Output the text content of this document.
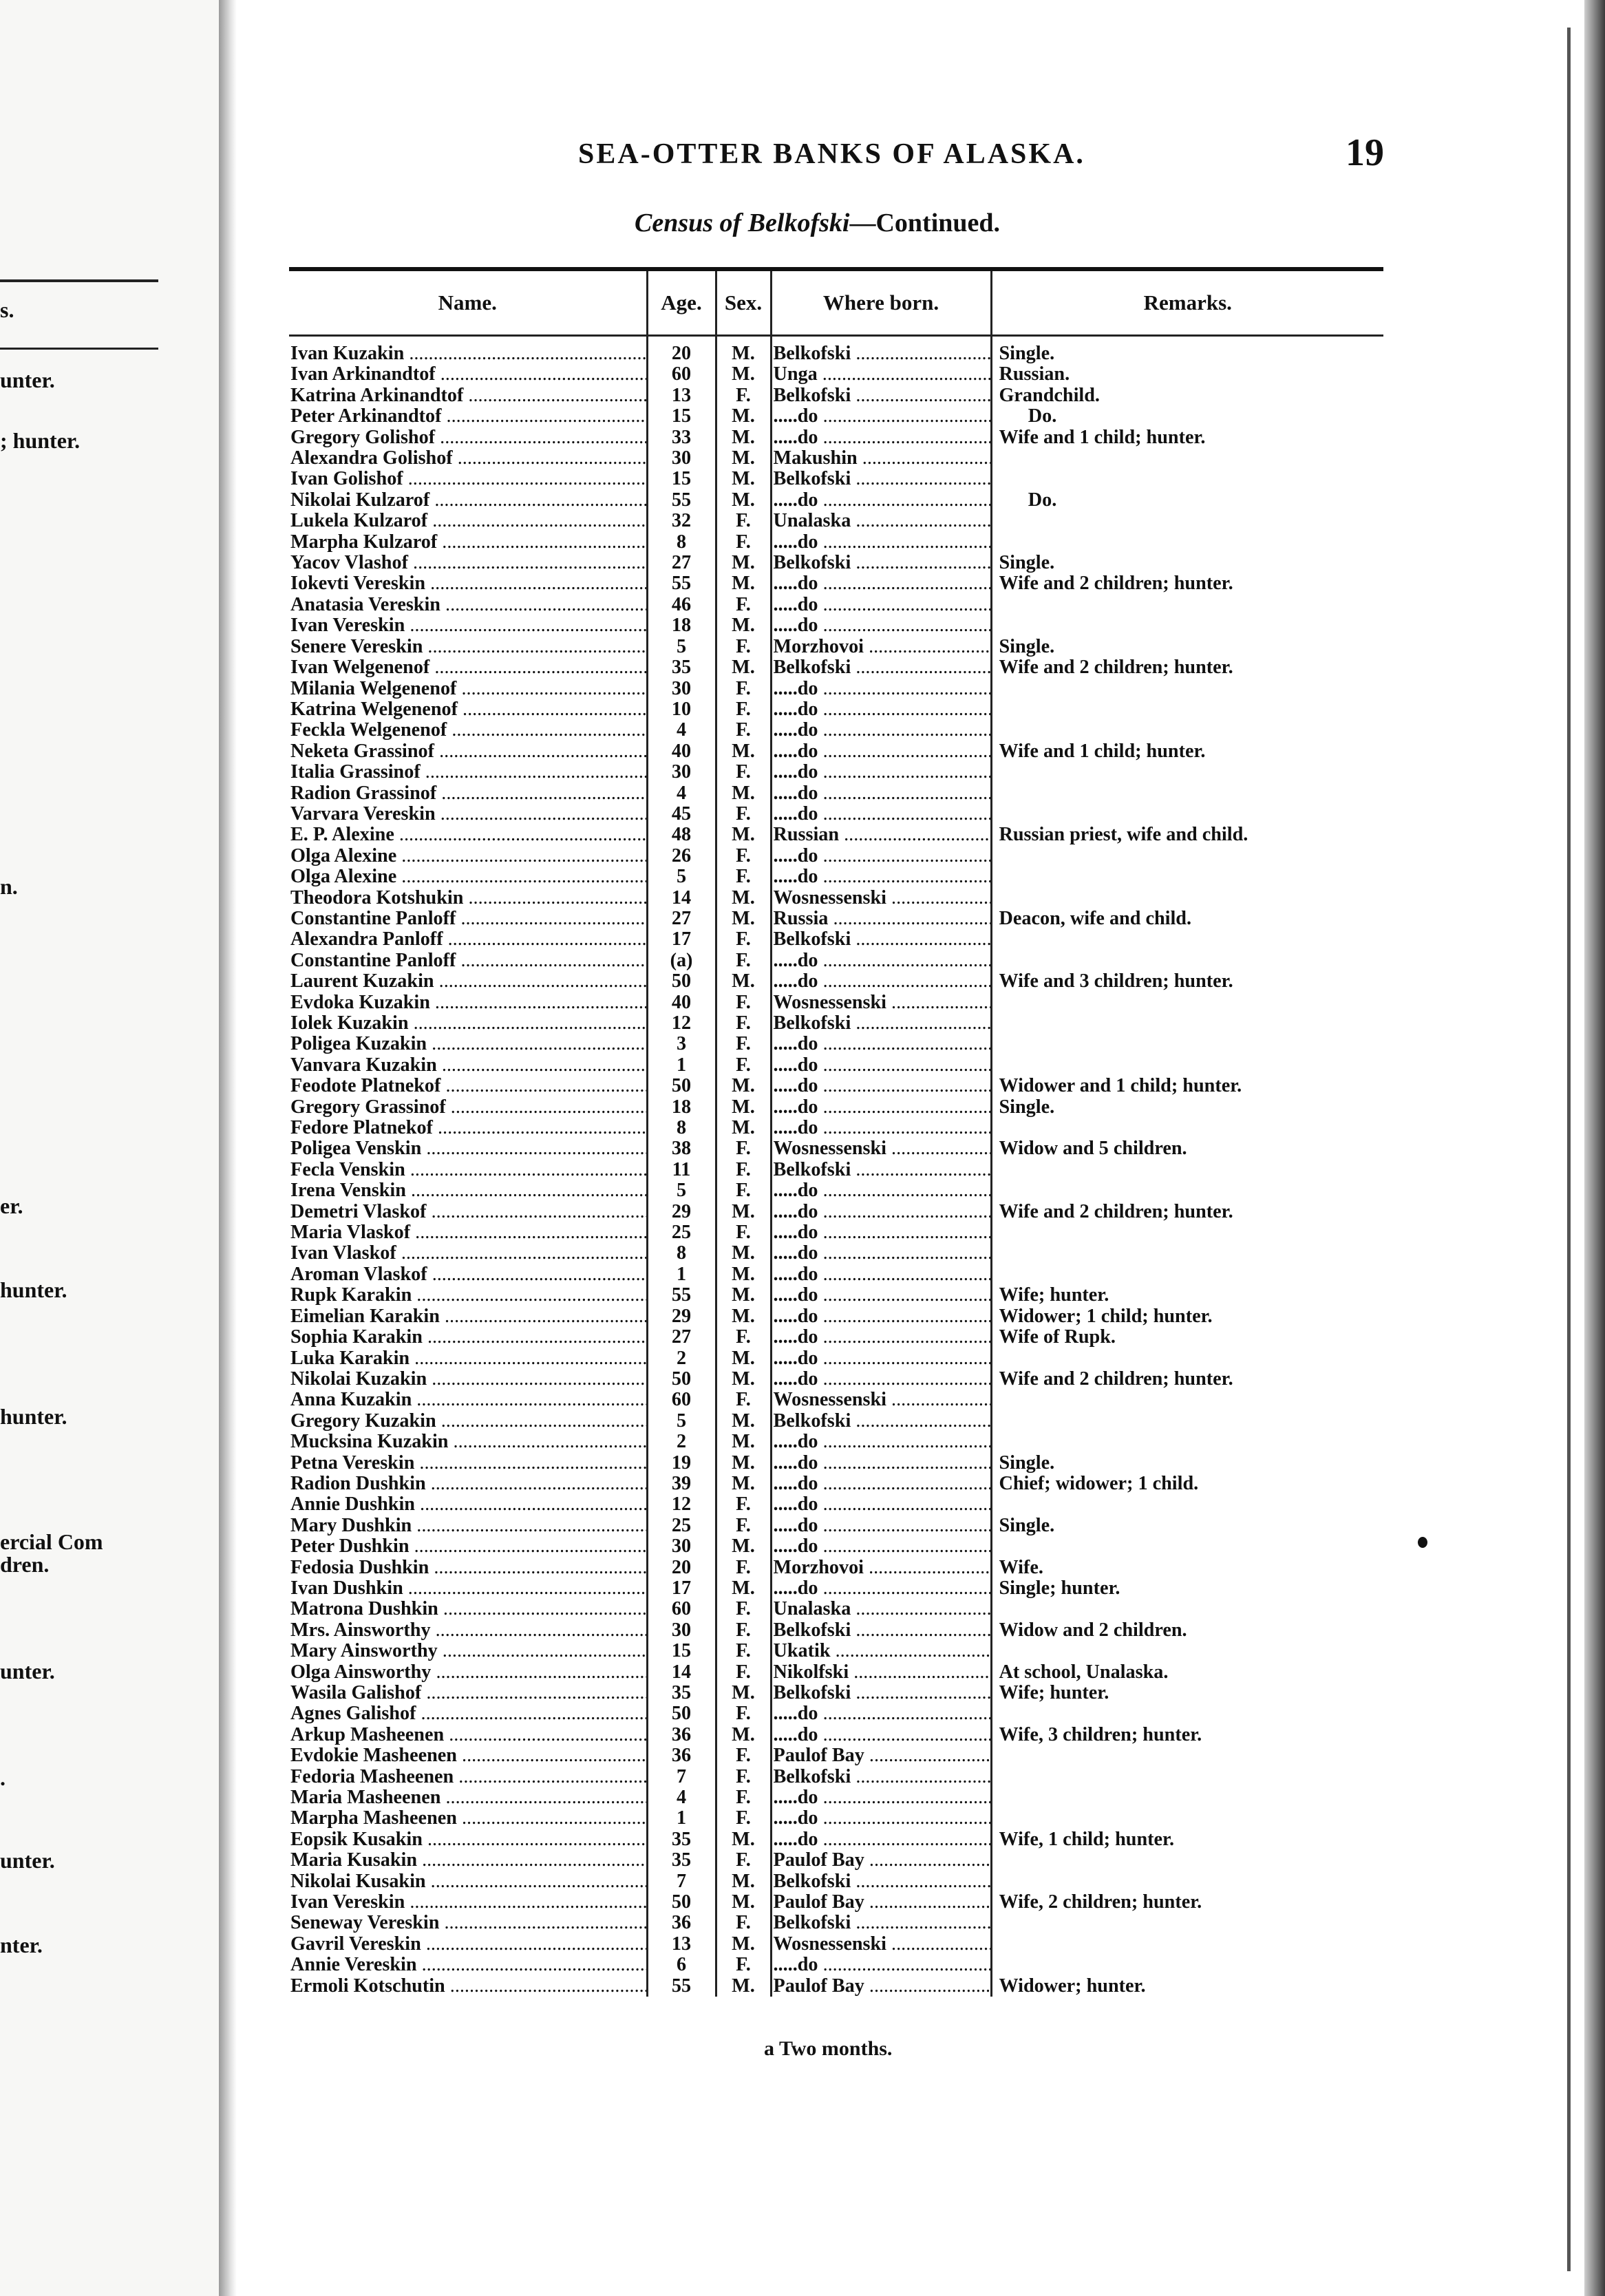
s.
unter.
; hunter.
n.
er.
hunter.
hunter.
ercial Com
dren.
unter.
.
unter.
nter.
SEA-OTTER BANKS OF ALASKA.	19
Census of Belkofski—Continued.
Name.	Age.	Sex.	Where born.	Remarks.
Ivan Kuzakin .....	20	M.	Belkofski .....	Single.
Ivan Arkinandtof .....	60	M.	Unga .....	Russian.
Katrina Arkinandtof .....	13	F.	Belkofski .....	Grandchild.
Peter Arkinandtof .....	15	M.	.....do .....	Do.
Gregory Golishof .....	33	M.	.....do .....	Wife and 1 child; hunter.
Alexandra Golishof .....	30	M.	Makushin .....	
Ivan Golishof .....	15	M.	Belkofski .....	
Nikolai Kulzarof .....	55	M.	.....do .....	Do.
Lukela Kulzarof .....	32	F.	Unalaska .....	
Marpha Kulzarof .....	8	F.	.....do .....	
Yacov Vlashof .....	27	M.	Belkofski .....	Single.
Iokevti Vereskin .....	55	M.	.....do .....	Wife and 2 children; hunter.
Anatasia Vereskin .....	46	F.	.....do .....	
Ivan Vereskin .....	18	M.	.....do .....	
Senere Vereskin .....	5	F.	Morzhovoi .....	Single.
Ivan Welgenenof .....	35	M.	Belkofski .....	Wife and 2 children; hunter.
Milania Welgenenof .....	30	F.	.....do .....	
Katrina Welgenenof .....	10	F.	.....do .....	
Feckla Welgenenof .....	4	F.	.....do .....	
Neketa Grassinof .....	40	M.	.....do .....	Wife and 1 child; hunter.
Italia Grassinof .....	30	F.	.....do .....	
Radion Grassinof .....	4	M.	.....do .....	
Varvara Vereskin .....	45	F.	.....do .....	
E. P. Alexine .....	48	M.	Russian .....	Russian priest, wife and child.
Olga Alexine .....	26	F.	.....do .....	
Olga Alexine .....	5	F.	.....do .....	
Theodora Kotshukin .....	14	M.	Wosnessenski .....	
Constantine Panloff .....	27	M.	Russia .....	Deacon, wife and child.
Alexandra Panloff .....	17	F.	Belkofski .....	
Constantine Panloff .....	(a)	F.	.....do .....	
Laurent Kuzakin .....	50	M.	.....do .....	Wife and 3 children; hunter.
Evdoka Kuzakin .....	40	F.	Wosnessenski .....	
Iolek Kuzakin .....	12	F.	Belkofski .....	
Poligea Kuzakin .....	3	F.	.....do .....	
Vanvara Kuzakin .....	1	F.	.....do .....	
Feodote Platnekof .....	50	M.	.....do .....	Widower and 1 child; hunter.
Gregory Grassinof .....	18	M.	.....do .....	Single.
Fedore Platnekof .....	8	M.	.....do .....	
Poligea Venskin .....	38	F.	Wosnessenski .....	Widow and 5 children.
Fecla Venskin .....	11	F.	Belkofski .....	
Irena Venskin .....	5	F.	.....do .....	
Demetri Vlaskof .....	29	M.	.....do .....	Wife and 2 children; hunter.
Maria Vlaskof .....	25	F.	.....do .....	
Ivan Vlaskof .....	8	M.	.....do .....	
Aroman Vlaskof .....	1	M.	.....do .....	
Rupk Karakin .....	55	M.	.....do .....	Wife; hunter.
Eimelian Karakin .....	29	M.	.....do .....	Widower; 1 child; hunter.
Sophia Karakin .....	27	F.	.....do .....	Wife of Rupk.
Luka Karakin .....	2	M.	.....do .....	
Nikolai Kuzakin .....	50	M.	.....do .....	Wife and 2 children; hunter.
Anna Kuzakin .....	60	F.	Wosnessenski .....	
Gregory Kuzakin .....	5	M.	Belkofski .....	
Mucksina Kuzakin .....	2	M.	.....do .....	
Petna Vereskin .....	19	M.	.....do .....	Single.
Radion Dushkin .....	39	M.	.....do .....	Chief; widower; 1 child.
Annie Dushkin .....	12	F.	.....do .....	
Mary Dushkin .....	25	F.	.....do .....	Single.
Peter Dushkin .....	30	M.	.....do .....	
Fedosia Dushkin .....	20	F.	Morzhovoi .....	Wife.
Ivan Dushkin .....	17	M.	.....do .....	Single; hunter.
Matrona Dushkin .....	60	F.	Unalaska .....	
Mrs. Ainsworthy .....	30	F.	Belkofski .....	Widow and 2 children.
Mary Ainsworthy .....	15	F.	Ukatik .....	
Olga Ainsworthy .....	14	F.	Nikolfski .....	At school, Unalaska.
Wasila Galishof .....	35	M.	Belkofski .....	Wife; hunter.
Agnes Galishof .....	50	F.	.....do .....	
Arkup Masheenen .....	36	M.	.....do .....	Wife, 3 children; hunter.
Evdokie Masheenen .....	36	F.	Paulof Bay .....	
Fedoria Masheenen .....	7	F.	Belkofski .....	
Maria Masheenen .....	4	F.	.....do .....	
Marpha Masheenen .....	1	F.	.....do .....	
Eopsik Kusakin .....	35	M.	.....do .....	Wife, 1 child; hunter.
Maria Kusakin .....	35	F.	Paulof Bay .....	
Nikolai Kusakin .....	7	M.	Belkofski .....	
Ivan Vereskin .....	50	M.	Paulof Bay .....	Wife, 2 children; hunter.
Seneway Vereskin .....	36	F.	Belkofski .....	
Gavril Vereskin .....	13	M.	Wosnessenski .....	
Annie Vereskin .....	6	F.	.....do .....	
Ermoli Kotschutin .....	55	M.	Paulof Bay .....	Widower; hunter.
a Two months.
